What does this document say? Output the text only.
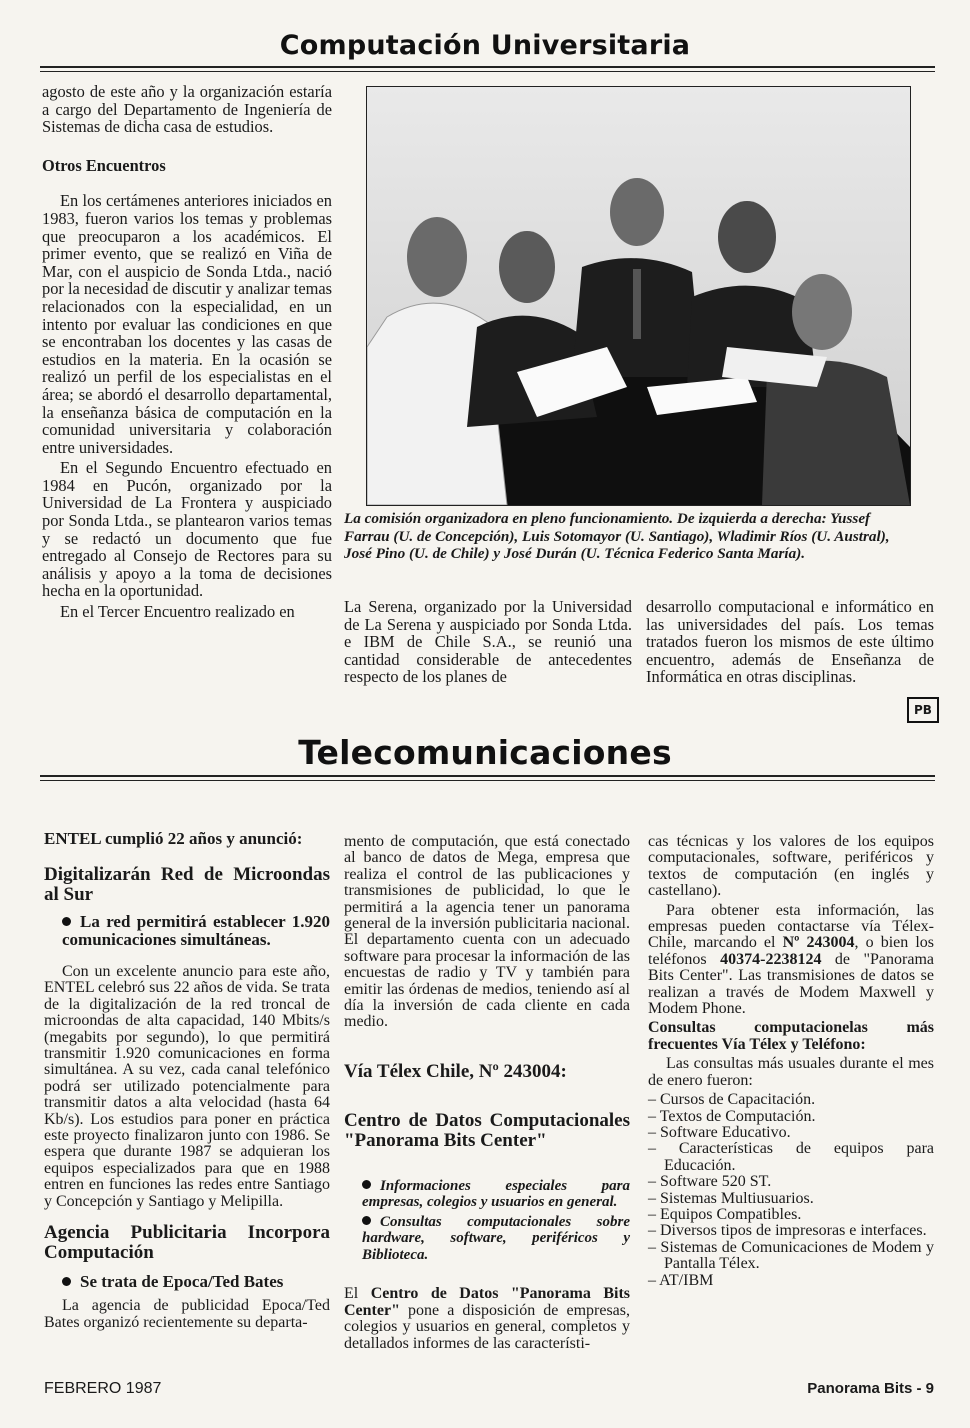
Computación Universitaria

agosto de este año y la organización estaría a cargo del Departamento de Ingeniería de Sistemas de dicha casa de estudios.

Otros Encuentros

En los certámenes anteriores iniciados en 1983, fueron varios los temas y problemas que preocuparon a los académicos. El primer evento, que se realizó en Viña de Mar, con el auspicio de Sonda Ltda., nació por la necesidad de discutir y analizar temas relacionados con la especialidad, en un intento por evaluar las condiciones en que se encontraban los docentes y las casas de estudios en la materia. En la ocasión se realizó un perfil de los especialistas en el área; se abordó el desarrollo departamental, la enseñanza básica de computación en la comunidad universitaria y colaboración entre universidades.

En el Segundo Encuentro efectuado en 1984 en Pucón, organizado por la Universidad de La Frontera y auspiciado por Sonda Ltda., se plantearon varios temas y se redactó un documento que fue entregado al Consejo de Rectores para su análisis y apoyo a la toma de decisiones hecha en la oportunidad.

En el Tercer Encuentro realizado en

La comisión organizadora en pleno funcionamiento. De izquierda a derecha: Yussef Farrau (U. de Concepción), Luis Sotomayor (U. Santiago), Wladimir Ríos (U. Austral), José Pino (U. de Chile) y José Durán (U. Técnica Federico Santa María).

La Serena, organizado por la Universidad de La Serena y auspiciado por Sonda Ltda. e IBM de Chile S.A., se reunió una cantidad considerable de antecedentes respecto de los planes de

desarrollo computacional e informático en las universidades del país. Los temas tratados fueron los mismos de este último encuentro, además de Enseñanza de Informática en otras disciplinas.

PB
Telecomunicaciones

ENTEL cumplió 22 años y anunció:

Digitalizarán Red de Microondas al Sur

La red permitirá establecer 1.920 comunicaciones simultáneas.

Con un excelente anuncio para este año, ENTEL celebró sus 22 años de vida. Se trata de la digitalización de la red troncal de microondas de alta capacidad, 140 Mbits/s (megabits por segundo), lo que permitirá transmitir 1.920 comunicaciones en forma simultánea. A su vez, cada canal telefónico podrá ser utilizado potencialmente para transmitir datos a alta velocidad (hasta 64 Kb/s). Los estudios para poner en práctica este proyecto finalizaron junto con 1986. Se espera que durante 1987 se adquieran los equipos especializados para que en 1988 entren en funciones las redes entre Santiago y Concepción y Santiago y Melipilla.

Agencia Publicitaria Incorpora Computación

Se trata de Epoca/Ted Bates

La agencia de publicidad Epoca/Ted Bates organizó recientemente su departa-

mento de computación, que está conectado al banco de datos de Mega, empresa que realiza el control de las publicaciones y transmisiones de publicidad, lo que le permitirá a la agencia tener un panorama general de la inversión publicitaria nacional. El departamento cuenta con un adecuado software para procesar la información de las encuestas de radio y TV y también para emitir las órdenas de medios, teniendo así al día la inversión de cada cliente en cada medio.

Vía Télex Chile, Nº 243004:

Centro de Datos Computacionales "Panorama Bits Center"

Informaciones especiales para empresas, colegios y usuarios en general.

Consultas computacionales sobre hardware, software, periféricos y Biblioteca.

El Centro de Datos "Panorama Bits Center" pone a disposición de empresas, colegios y usuarios en general, completos y detallados informes de las característi-

cas técnicas y los valores de los equipos computacionales, software, periféricos y textos de computación (en inglés y castellano).

Para obtener esta información, las empresas pueden contactarse vía Télex-Chile, marcando el Nº 243004, o bien los teléfonos 40374-2238124 de "Panorama Bits Center". Las transmisiones de datos se realizan a través de Modem Maxwell y Modem Phone.

Consultas computacionelas más frecuentes Vía Télex y Teléfono:

Las consultas más usuales durante el mes de enero fueron:

– Cursos de Capacitación.
– Textos de Computación.
– Software Educativo.
– Características de equipos para Educación.
– Software 520 ST.
– Sistemas Multiusuarios.
– Equipos Compatibles.
– Diversos tipos de impresoras e interfaces.
– Sistemas de Comunicaciones de Modem y Pantalla Télex.
– AT/IBM
FEBRERO 1987	Panorama Bits - 9
